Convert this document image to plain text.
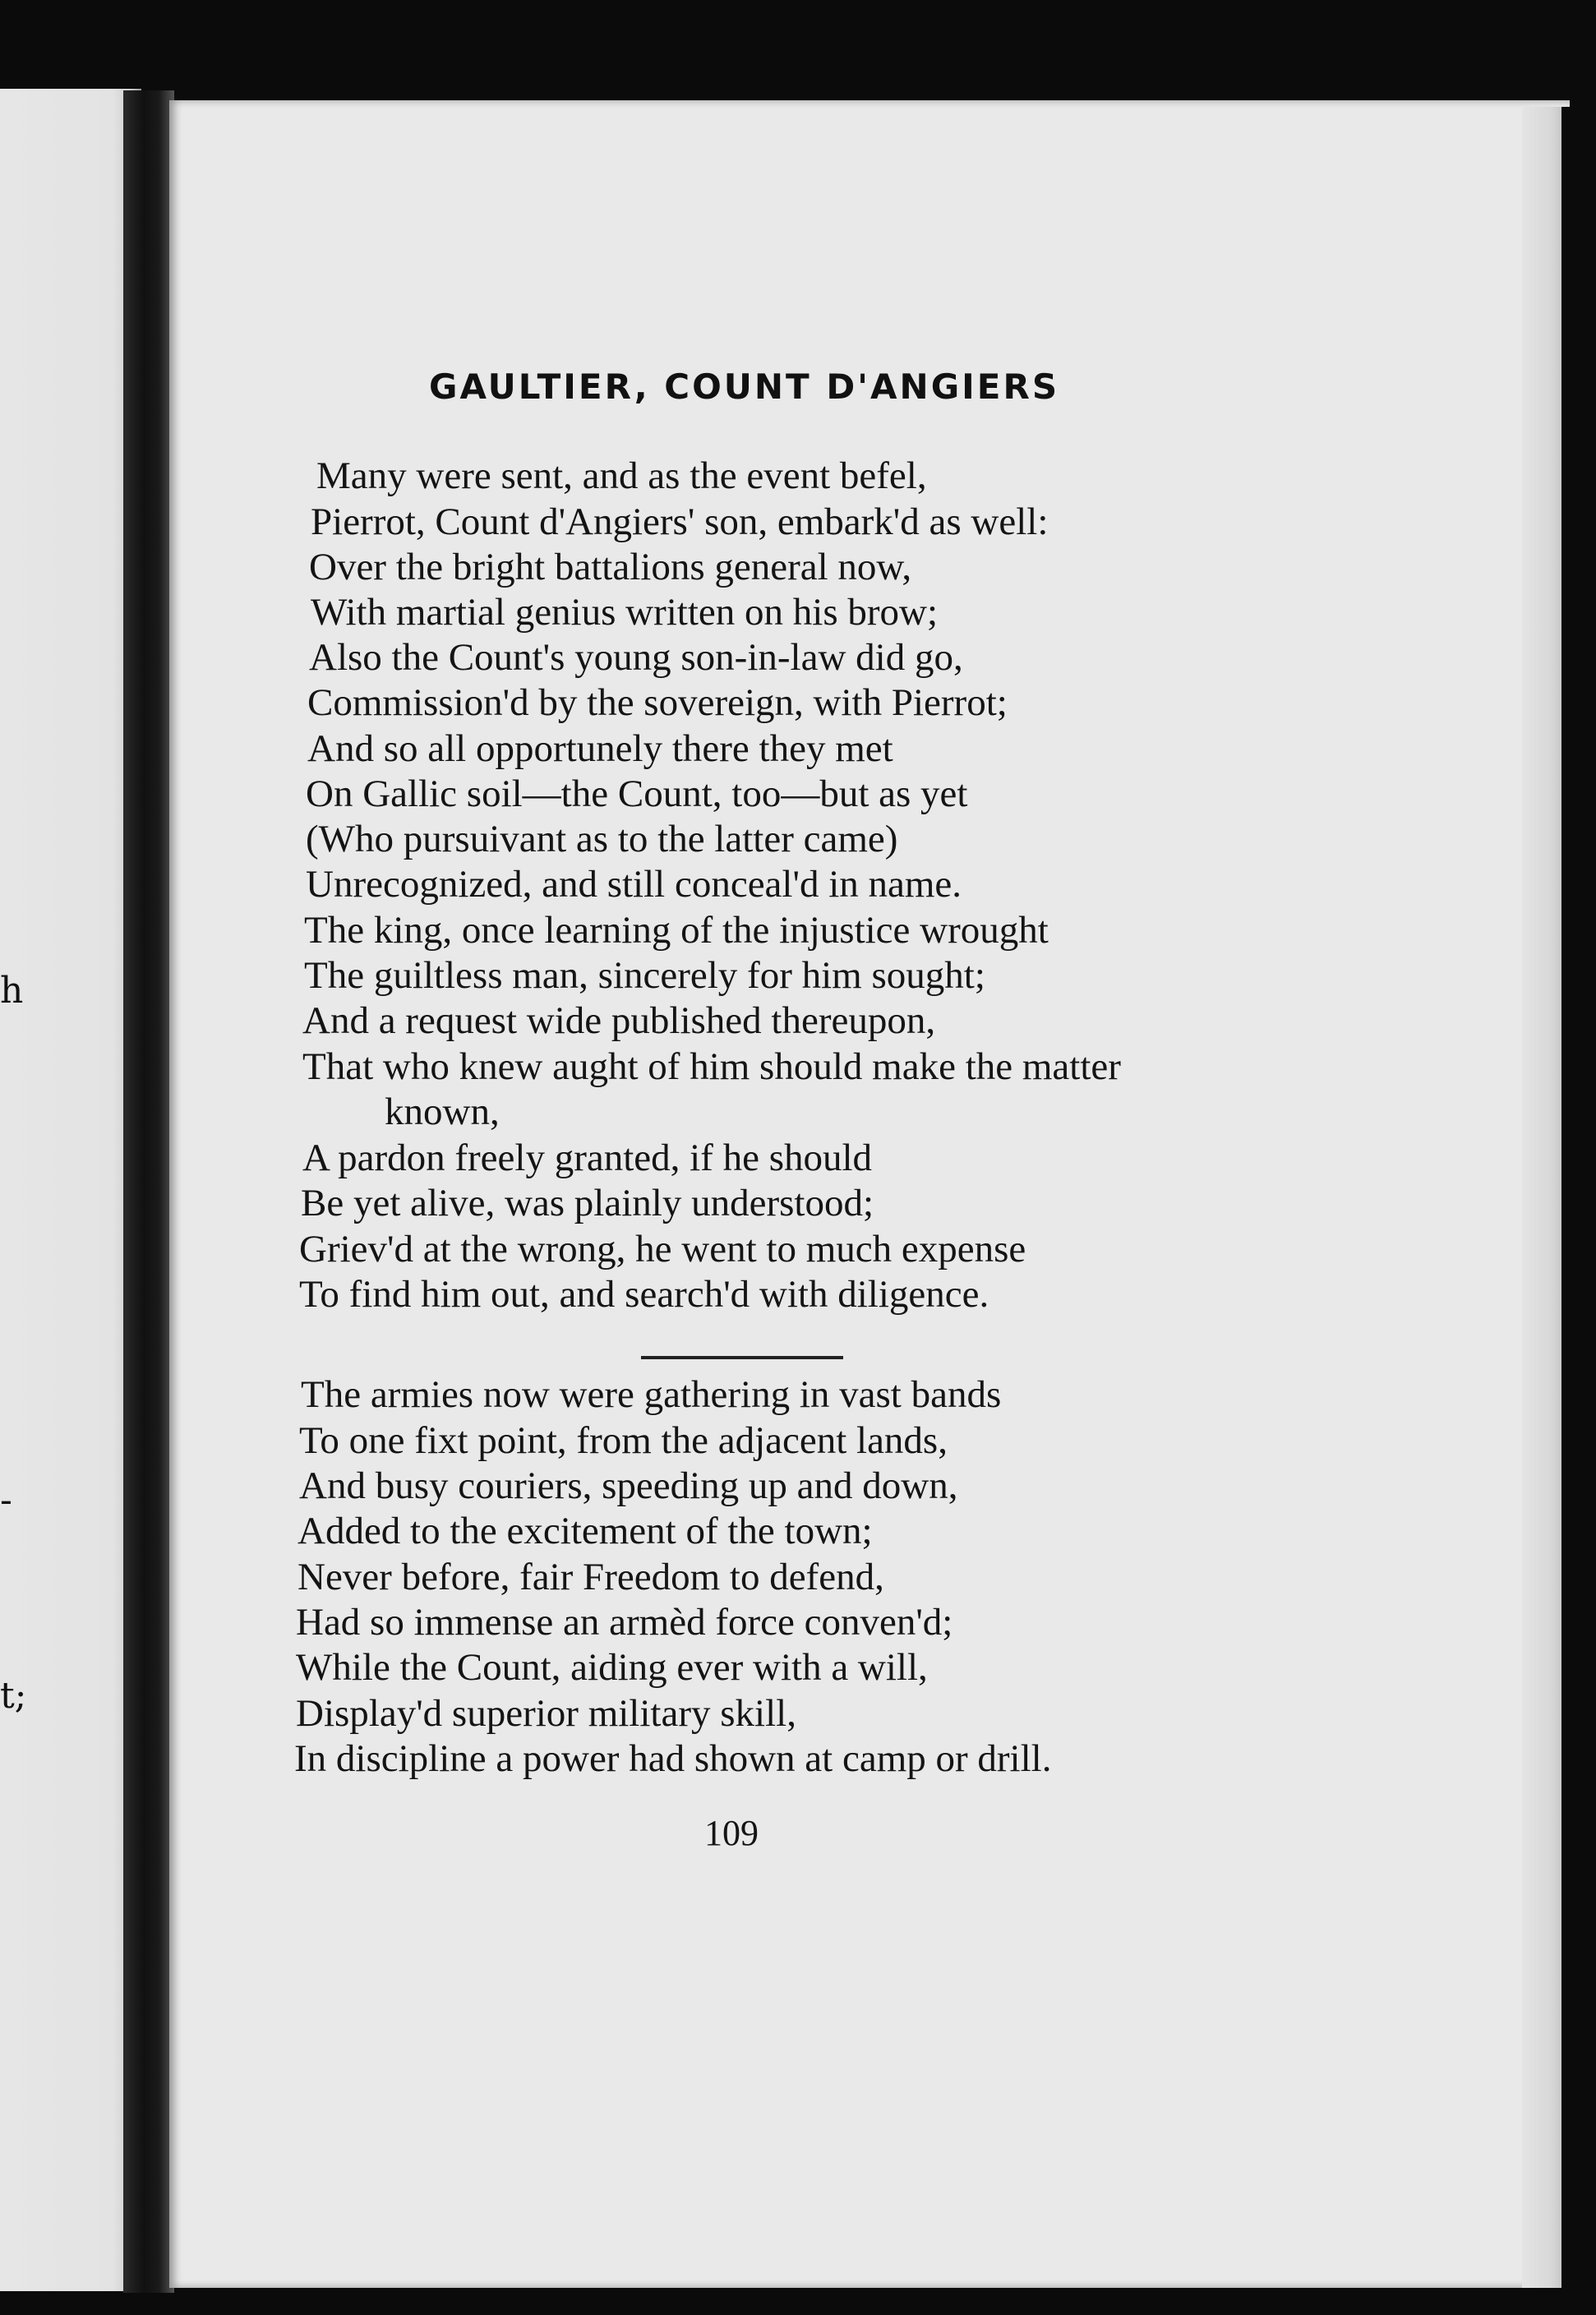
h
-
t;
GAULTIER, COUNT D'ANGIERS
Many were sent, and as the event befel,
Pierrot, Count d'Angiers' son, embark'd as well:
Over the bright battalions general now,
With martial genius written on his brow;
Also the Count's young son-in-law did go,
Commission'd by the sovereign, with Pierrot;
And so all opportunely there they met
On Gallic soil—the Count, too—but as yet
(Who pursuivant as to the latter came)
Unrecognized, and still conceal'd in name.
The king, once learning of the injustice wrought
The guiltless man, sincerely for him sought;
And a request wide published thereupon,
That who knew aught of him should make the matter
known,
A pardon freely granted, if he should
Be yet alive, was plainly understood;
Griev'd at the wrong, he went to much expense
To find him out, and search'd with diligence.
The armies now were gathering in vast bands
To one fixt point, from the adjacent lands,
And busy couriers, speeding up and down,
Added to the excitement of the town;
Never before, fair Freedom to defend,
Had so immense an armèd force conven'd;
While the Count, aiding ever with a will,
Display'd superior military skill,
In discipline a power had shown at camp or drill.
109
